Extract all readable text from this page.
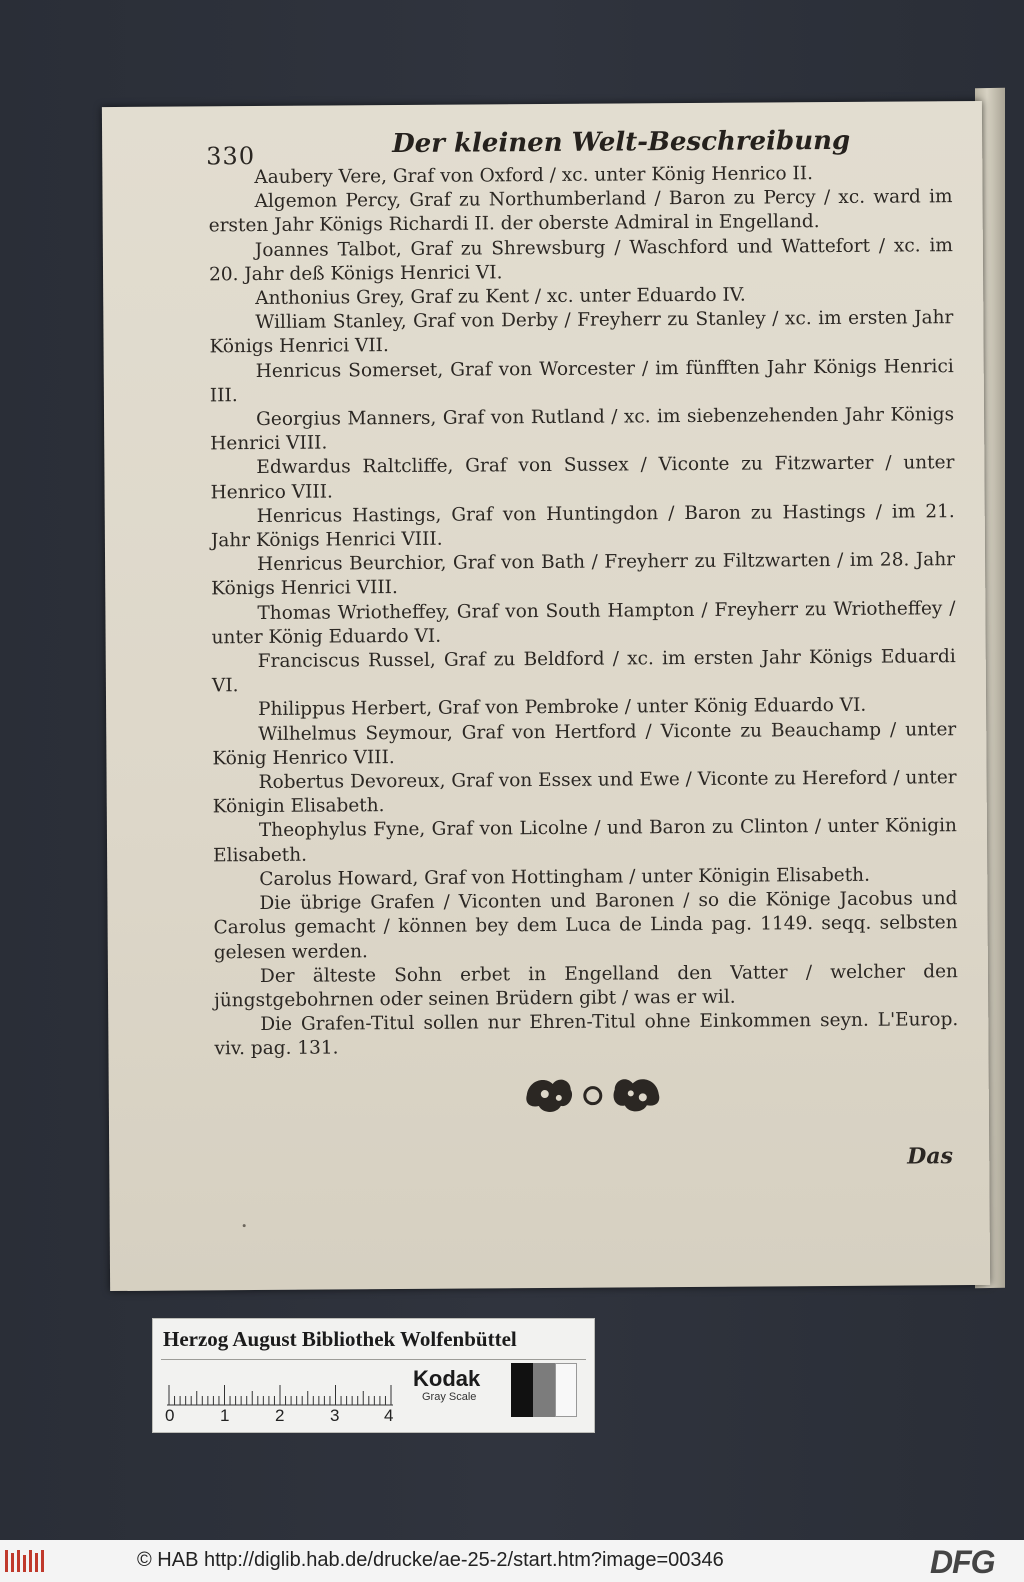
330	Der kleinen Welt-Beschreibung

Aaubery Vere, Graf von Oxford / xc. unter König Henrico II.

Algemon Percy, Graf zu Northumberland / Baron zu Percy / xc. ward im ersten Jahr Königs Richardi II. der oberste Admiral in Engelland.

Joannes Talbot, Graf zu Shrewsburg / Waschford und Wattefort / xc. im 20. Jahr deß Königs Henrici VI.

Anthonius Grey, Graf zu Kent / xc. unter Eduardo IV.

William Stanley, Graf von Derby / Freyherr zu Stanley / xc. im ersten Jahr Königs Henrici VII.

Henricus Somerset, Graf von Worcester / im fünfften Jahr Königs Henrici III.

Georgius Manners, Graf von Rutland / xc. im siebenzehenden Jahr Königs Henrici VIII.

Edwardus Raltcliffe, Graf von Sussex / Viconte zu Fitzwarter / unter Henrico VIII.

Henricus Hastings, Graf von Huntingdon / Baron zu Hastings / im 21. Jahr Königs Henrici VIII.

Henricus Beurchior, Graf von Bath / Freyherr zu Filtzwarten / im 28. Jahr Königs Henrici VIII.

Thomas Wriotheffey, Graf von South Hampton / Freyherr zu Wriotheffey / unter König Eduardo VI.

Franciscus Russel, Graf zu Beldford / xc. im ersten Jahr Königs Eduardi VI.

Philippus Herbert, Graf von Pembroke / unter König Eduardo VI.

Wilhelmus Seymour, Graf von Hertford / Viconte zu Beauchamp / unter König Henrico VIII.

Robertus Devoreux, Graf von Essex und Ewe / Viconte zu Hereford / unter Königin Elisabeth.

Theophylus Fyne, Graf von Licolne / und Baron zu Clinton / unter Königin Elisabeth.

Carolus Howard, Graf von Hottingham / unter Königin Elisabeth.

Die übrige Grafen / Viconten und Baronen / so die Könige Jacobus und Carolus gemacht / können bey dem Luca de Linda pag. 1149. seqq. selbsten gelesen werden.

Der älteste Sohn erbet in Engelland den Vatter / welcher den jüngstgebohrnen oder seinen Brüdern gibt / was er wil.

Die Grafen-Titul sollen nur Ehren-Titul ohne Einkommen seyn. L'Europ. viv. pag. 131.

Das
Herzog August Bibliothek Wolfenbüttel
0	1	2	3	4
Kodak
Gray Scale
© HAB http://diglib.hab.de/drucke/ae-25-2/start.htm?image=00346	DFG
